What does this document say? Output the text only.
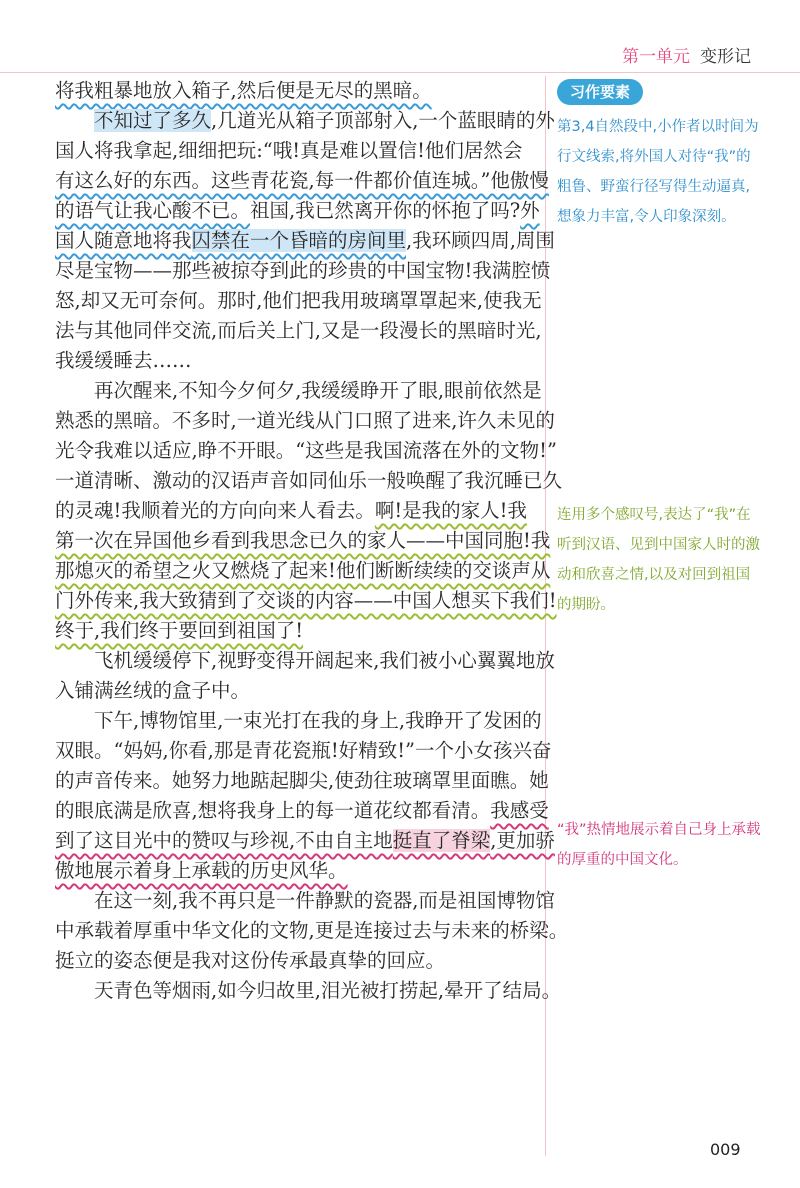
第一单元 变形记
将我粗暴地放入箱子,然后便是无尽的黑暗。
不知过了多久,几道光从箱子顶部射入,一个蓝眼睛的外
国人将我拿起,细细把玩:“哦!真是难以置信!他们居然会
有这么好的东西。这些青花瓷,每一件都价值连城。”他傲慢
的语气让我心酸不已。祖国,我已然离开你的怀抱了吗?外
国人随意地将我囚禁在一个昏暗的房间里,我环顾四周,周围
尽是宝物——那些被掠夺到此的珍贵的中国宝物!我满腔愤
怒,却又无可奈何。那时,他们把我用玻璃罩罩起来,使我无
法与其他同伴交流,而后关上门,又是一段漫长的黑暗时光,
我缓缓睡去……
再次醒来,不知今夕何夕,我缓缓睁开了眼,眼前依然是
熟悉的黑暗。不多时,一道光线从门口照了进来,许久未见的
光令我难以适应,睁不开眼。“这些是我国流落在外的文物!”
一道清晰、激动的汉语声音如同仙乐一般唤醒了我沉睡已久
的灵魂!我顺着光的方向向来人看去。啊!是我的家人!我
第一次在异国他乡看到我思念已久的家人——中国同胞!我
那熄灭的希望之火又燃烧了起来!他们断断续续的交谈声从
门外传来,我大致猜到了交谈的内容——中国人想买下我们!
终于,我们终于要回到祖国了!
飞机缓缓停下,视野变得开阔起来,我们被小心翼翼地放
入铺满丝绒的盒子中。
下午,博物馆里,一束光打在我的身上,我睁开了发困的
双眼。“妈妈,你看,那是青花瓷瓶!好精致!”一个小女孩兴奋
的声音传来。她努力地踮起脚尖,使劲往玻璃罩里面瞧。她
的眼底满是欣喜,想将我身上的每一道花纹都看清。我感受
到了这目光中的赞叹与珍视,不由自主地挺直了脊梁,更加骄
傲地展示着身上承载的历史风华。
在这一刻,我不再只是一件静默的瓷器,而是祖国博物馆
中承载着厚重中华文化的文物,更是连接过去与未来的桥梁。
挺立的姿态便是我对这份传承最真挚的回应。
天青色等烟雨,如今归故里,泪光被打捞起,晕开了结局。
习作要素
第3,4自然段中,小作者以时间为行文线索,将外国人对待“我”的粗鲁、野蛮行径写得生动逼真,想象力丰富,令人印象深刻。
连用多个感叹号,表达了“我”在听到汉语、见到中国家人时的激动和欣喜之情,以及对回到祖国的期盼。
“我”热情地展示着自己身上承载的厚重的中国文化。
009
